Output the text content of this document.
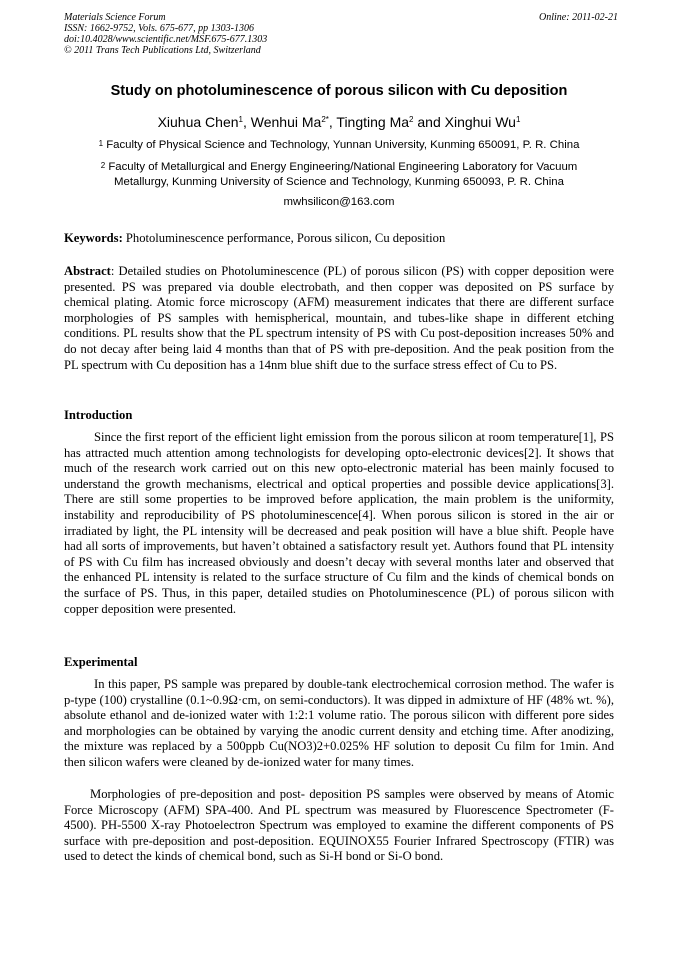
Materials Science Forum	Online: 2011-02-21
ISSN: 1662-9752, Vols. 675-677, pp 1303-1306
doi:10.4028/www.scientific.net/MSF.675-677.1303
© 2011 Trans Tech Publications Ltd, Switzerland
Study on photoluminescence of porous silicon with Cu deposition
Xiuhua Chen$^1$, Wenhui $Ma^{2*}$, Tingting Ma$^2$ and Xinghui Wu$^1$
$^1$ Faculty of Physical Science and Technology, Yunnan University, Kunming 650091, P. R. China
$^2$ Faculty of Metallurgical and Energy Engineering/National Engineering Laboratory for Vacuum
Metallurgy, Kunming University of Science and Technology, Kunming 650093, P. R. China
mwhsilicon@163.com
Keywords: Photoluminescence performance, Porous silicon, Cu deposition
Abstract: Detailed studies on Photoluminescence (PL) of porous silicon (PS) with copper deposition were presented. PS was prepared via double electrobath, and then copper was deposited on PS surface by chemical plating. Atomic force microscopy (AFM) measurement indicates that there are different surface morphologies of PS samples with hemispherical, mountain, and tubes-like shape in different etching conditions. PL results show that the PL spectrum intensity of PS with Cu post-deposition increases 50% and do not decay after being laid 4 months than that of PS with pre-deposition. And the peak position from the PL spectrum with Cu deposition has a 14nm blue shift due to the surface stress effect of Cu to PS.
Introduction
Since the first report of the efficient light emission from the porous silicon at room temperature[1], PS has attracted much attention among technologists for developing opto-electronic devices[2]. It shows that much of the research work carried out on this new opto-electronic material has been mainly focused to understand the growth mechanisms, electrical and optical properties and possible device applications[3]. There are still some properties to be improved before application, the main problem is the uniformity, instability and reproducibility of PS photoluminescence[4]. When porous silicon is stored in the air or irradiated by light, the PL intensity will be decreased and peak position will have a blue shift. People have had all sorts of improvements, but haven’t obtained a satisfactory result yet. Authors found that PL intensity of PS with Cu film has increased obviously and doesn’t decay with several months later and observed that the enhanced PL intensity is related to the surface structure of Cu film and the kinds of chemical bonds on the surface of PS. Thus, in this paper, detailed studies on Photoluminescence (PL) of porous silicon with copper deposition were presented.
Experimental
In this paper, PS sample was prepared by double-tank electrochemical corrosion method. The wafer is p-type (100) crystalline (0.1~0.9Ω·cm, on semi-conductors). It was dipped in admixture of HF (48% wt. %), absolute ethanol and de-ionized water with 1:2:1 volume ratio. The porous silicon with different pore sides and morphologies can be obtained by varying the anodic current density and etching time. After anodizing, the mixture was replaced by a 500ppb Cu(NO3)2+0.025% HF solution to deposit Cu film for 1min. And then silicon wafers were cleaned by de-ionized water for many times.
Morphologies of pre-deposition and post- deposition PS samples were observed by means of Atomic Force Microscopy (AFM) SPA-400. And PL spectrum was measured by Fluorescence Spectrometer (F-4500). PH-5500 X-ray Photoelectron Spectrum was employed to examine the different components of PS surface with pre-deposition and post-deposition. EQUINOX55 Fourier Infrared Spectroscopy (FTIR) was used to detect the kinds of chemical bond, such as Si-H bond or Si-O bond.
